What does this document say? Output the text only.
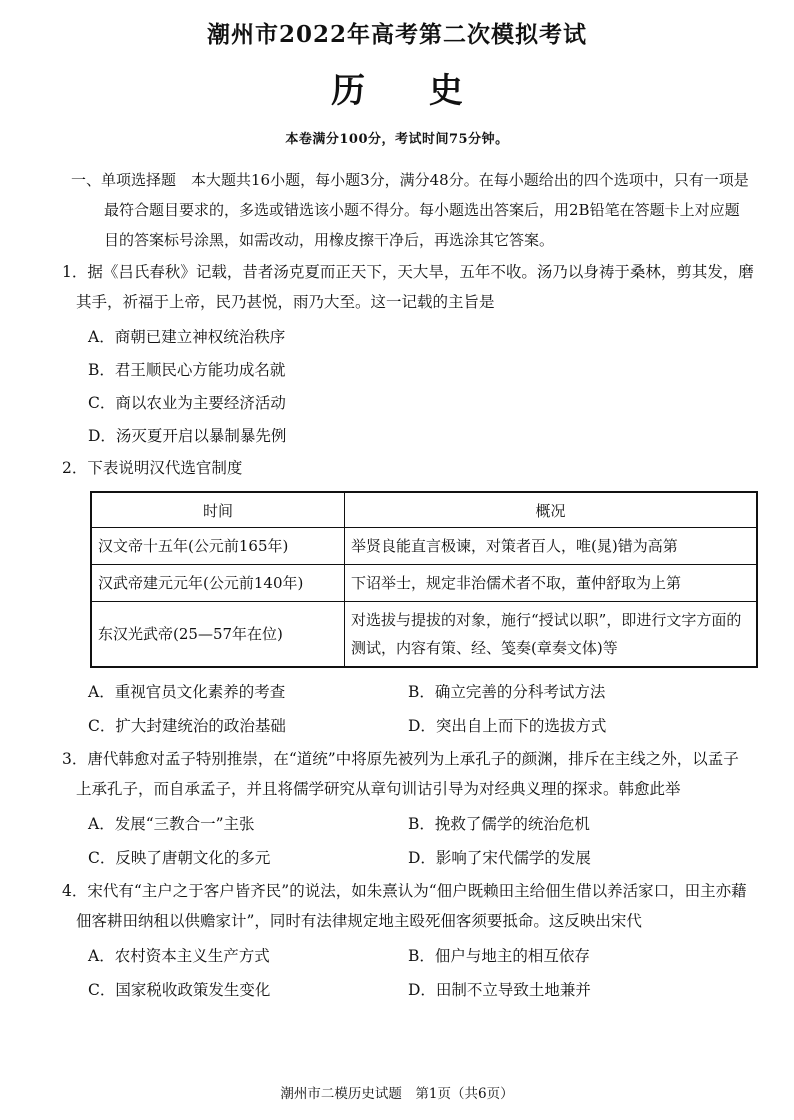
潮州市2022年高考第二次模拟考试
历 史
本卷满分100分，考试时间75分钟。
一、单项选择题　本大题共16小题，每小题3分，满分48分。在每小题给出的四个选项中，只有一项是最符合题目要求的，多选或错选该小题不得分。每小题选出答案后，用2B铅笔在答题卡上对应题目的答案标号涂黑，如需改动，用橡皮擦干净后，再选涂其它答案。
1．据《吕氏春秋》记载，昔者汤克夏而正天下，天大旱，五年不收。汤乃以身祷于桑林，剪其发，磨其手，祈福于上帝，民乃甚悦，雨乃大至。这一记载的主旨是
A．商朝已建立神权统治秩序
B．君王顺民心方能功成名就
C．商以农业为主要经济活动
D．汤灭夏开启以暴制暴先例
2．下表说明汉代选官制度
时间	概况
汉文帝十五年(公元前165年)	举贤良能直言极谏，对策者百人，唯(晁)错为高第
汉武帝建元元年(公元前140年)	下诏举士，规定非治儒术者不取，董仲舒取为上第
东汉光武帝(25—57年在位)	对选拔与提拔的对象，施行“授试以职”，即进行文字方面的测试，内容有策、经、笺奏(章奏文体)等
A．重视官员文化素养的考查	B．确立完善的分科考试方法
C．扩大封建统治的政治基础	D．突出自上而下的选拔方式
3．唐代韩愈对孟子特别推崇，在“道统”中将原先被列为上承孔子的颜渊，排斥在主线之外，以孟子上承孔子，而自承孟子，并且将儒学研究从章句训诂引导为对经典义理的探求。韩愈此举
A．发展“三教合一”主张	B．挽救了儒学的统治危机
C．反映了唐朝文化的多元	D．影响了宋代儒学的发展
4．宋代有“主户之于客户皆齐民”的说法，如朱熹认为“佃户既赖田主给佃生借以养活家口，田主亦藉佃客耕田纳租以供赡家计”，同时有法律规定地主殴死佃客须要抵命。这反映出宋代
A．农村资本主义生产方式	B．佃户与地主的相互依存
C．国家税收政策发生变化	D．田制不立导致土地兼并
潮州市二模历史试题　第1页（共6页）
